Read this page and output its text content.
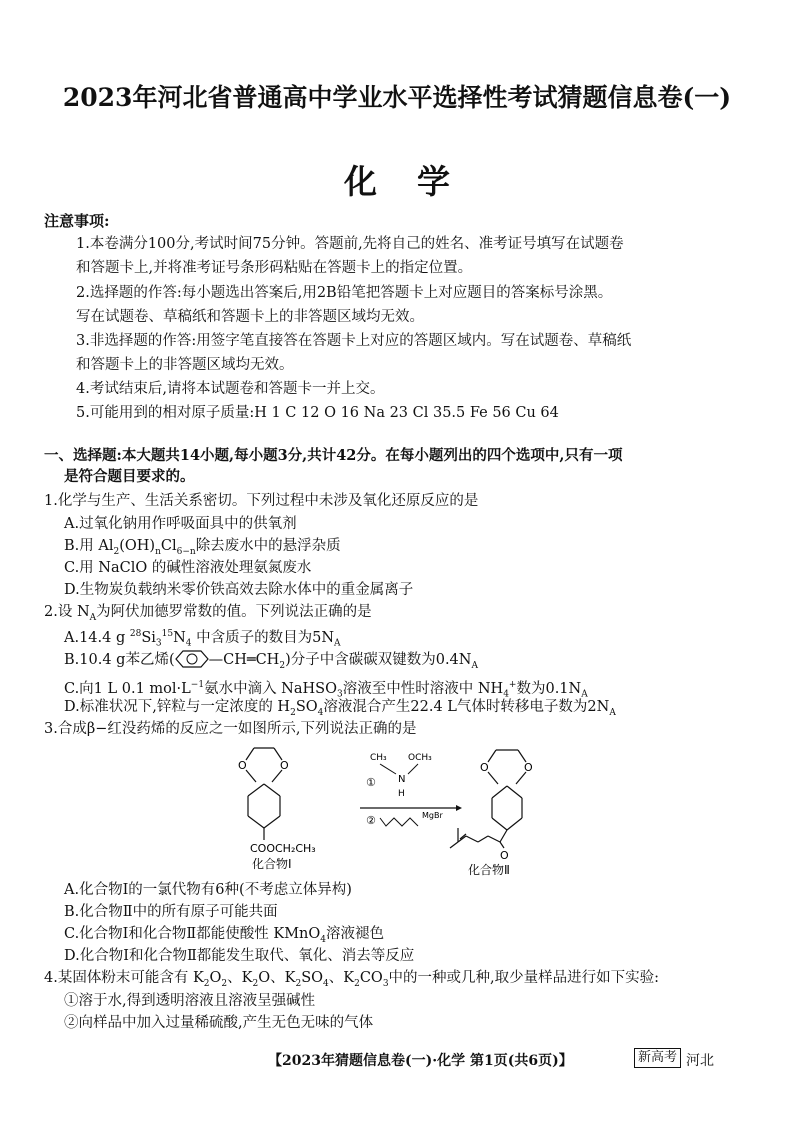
2023年河北省普通高中学业水平选择性考试猜题信息卷(一)
化学
注意事项:
1.本卷满分100分,考试时间75分钟。答题前,先将自己的姓名、准考证号填写在试题卷
和答题卡上,并将准考证号条形码粘贴在答题卡上的指定位置。
2.选择题的作答:每小题选出答案后,用2B铅笔把答题卡上对应题目的答案标号涂黑。
写在试题卷、草稿纸和答题卡上的非答题区域均无效。
3.非选择题的作答:用签字笔直接答在答题卡上对应的答题区域内。写在试题卷、草稿纸
和答题卡上的非答题区域均无效。
4.考试结束后,请将本试题卷和答题卡一并上交。
5.可能用到的相对原子质量:H 1 C 12 O 16 Na 23 Cl 35.5 Fe 56 Cu 64
一、选择题:本大题共14小题,每小题3分,共计42分。在每小题列出的四个选项中,只有一项
是符合题目要求的。
1.化学与生产、生活关系密切。下列过程中未涉及氧化还原反应的是
A.过氧化钠用作呼吸面具中的供氧剂
B.用 $Al_2(OH)_nCl_{6-n}$除去废水中的悬浮杂质
C.用 NaClO 的碱性溶液处理氨氮废水
D.生物炭负载纳米零价铁高效去除水体中的重金属离子
2.设 $N_A$为阿伏加德罗常数的值。下列说法正确的是
A.14.4 g $^{28}Si_3^{15}N_4$ 中含质子的数目为$5N_A$
B.10.4 g苯乙烯( $—CH═CH_2$)分子中含碳碳双键数为$0.4N_A$
C.向1 L 0.1 $mol\cdot L^{-1}$氨水中滴入 NaHSO$_3$溶液至中性时溶液中 $NH_4^+$数为$0.1N_A$
D.标准状况下,锌粒与一定浓度的 $H_2SO_4$溶液混合产生22.4 L气体时转移电子数为$2N_A$
3.合成β−红没药烯的反应之一如图所示,下列说法正确的是
O	O
COOCH₂CH₃
化合物Ⅰ
CH₃ OCH₃
N
H
①
②	MgBr
O	O
O
化合物Ⅱ
A.化合物Ⅰ的一氯代物有6种(不考虑立体异构)
B.化合物Ⅱ中的所有原子可能共面
C.化合物Ⅰ和化合物Ⅱ都能使酸性 KMnO$_4$溶液褪色
D.化合物Ⅰ和化合物Ⅱ都能发生取代、氧化、消去等反应
4.某固体粉末可能含有 $K_2O_2$、$K_2O$、$K_2SO_4$、$K_2CO_3$中的一种或几种,取少量样品进行如下实验:
①溶于水,得到透明溶液且溶液呈强碱性
②向样品中加入过量稀硫酸,产生无色无味的气体
【2023年猜题信息卷(一)·化学 第1页(共6页)】	新高考 河北
